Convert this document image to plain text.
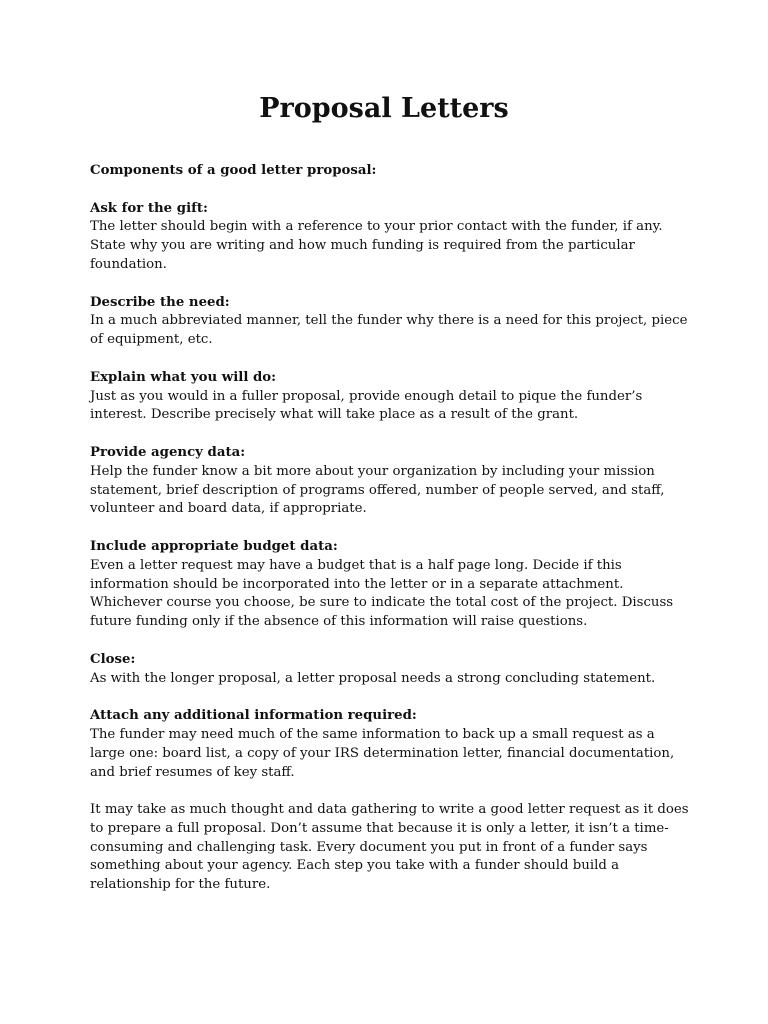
Proposal Letters

Components of a good letter proposal:

Ask for the gift:

The letter should begin with a reference to your prior contact with the funder, if any.
State why you are writing and how much funding is required from the particular
foundation.

Describe the need:

In a much abbreviated manner, tell the funder why there is a need for this project, piece
of equipment, etc.

Explain what you will do:

Just as you would in a fuller proposal, provide enough detail to pique the funder’s
interest. Describe precisely what will take place as a result of the grant.

Provide agency data:

Help the funder know a bit more about your organization by including your mission
statement, brief description of programs offered, number of people served, and staff,
volunteer and board data, if appropriate.

Include appropriate budget data:

Even a letter request may have a budget that is a half page long. Decide if this
information should be incorporated into the letter or in a separate attachment.
Whichever course you choose, be sure to indicate the total cost of the project. Discuss
future funding only if the absence of this information will raise questions.

Close:

As with the longer proposal, a letter proposal needs a strong concluding statement.

Attach any additional information required:

The funder may need much of the same information to back up a small request as a
large one: board list, a copy of your IRS determination letter, financial documentation,
and brief resumes of key staff.

It may take as much thought and data gathering to write a good letter request as it does
to prepare a full proposal. Don’t assume that because it is only a letter, it isn’t a time-
consuming and challenging task. Every document you put in front of a funder says
something about your agency. Each step you take with a funder should build a
relationship for the future.
